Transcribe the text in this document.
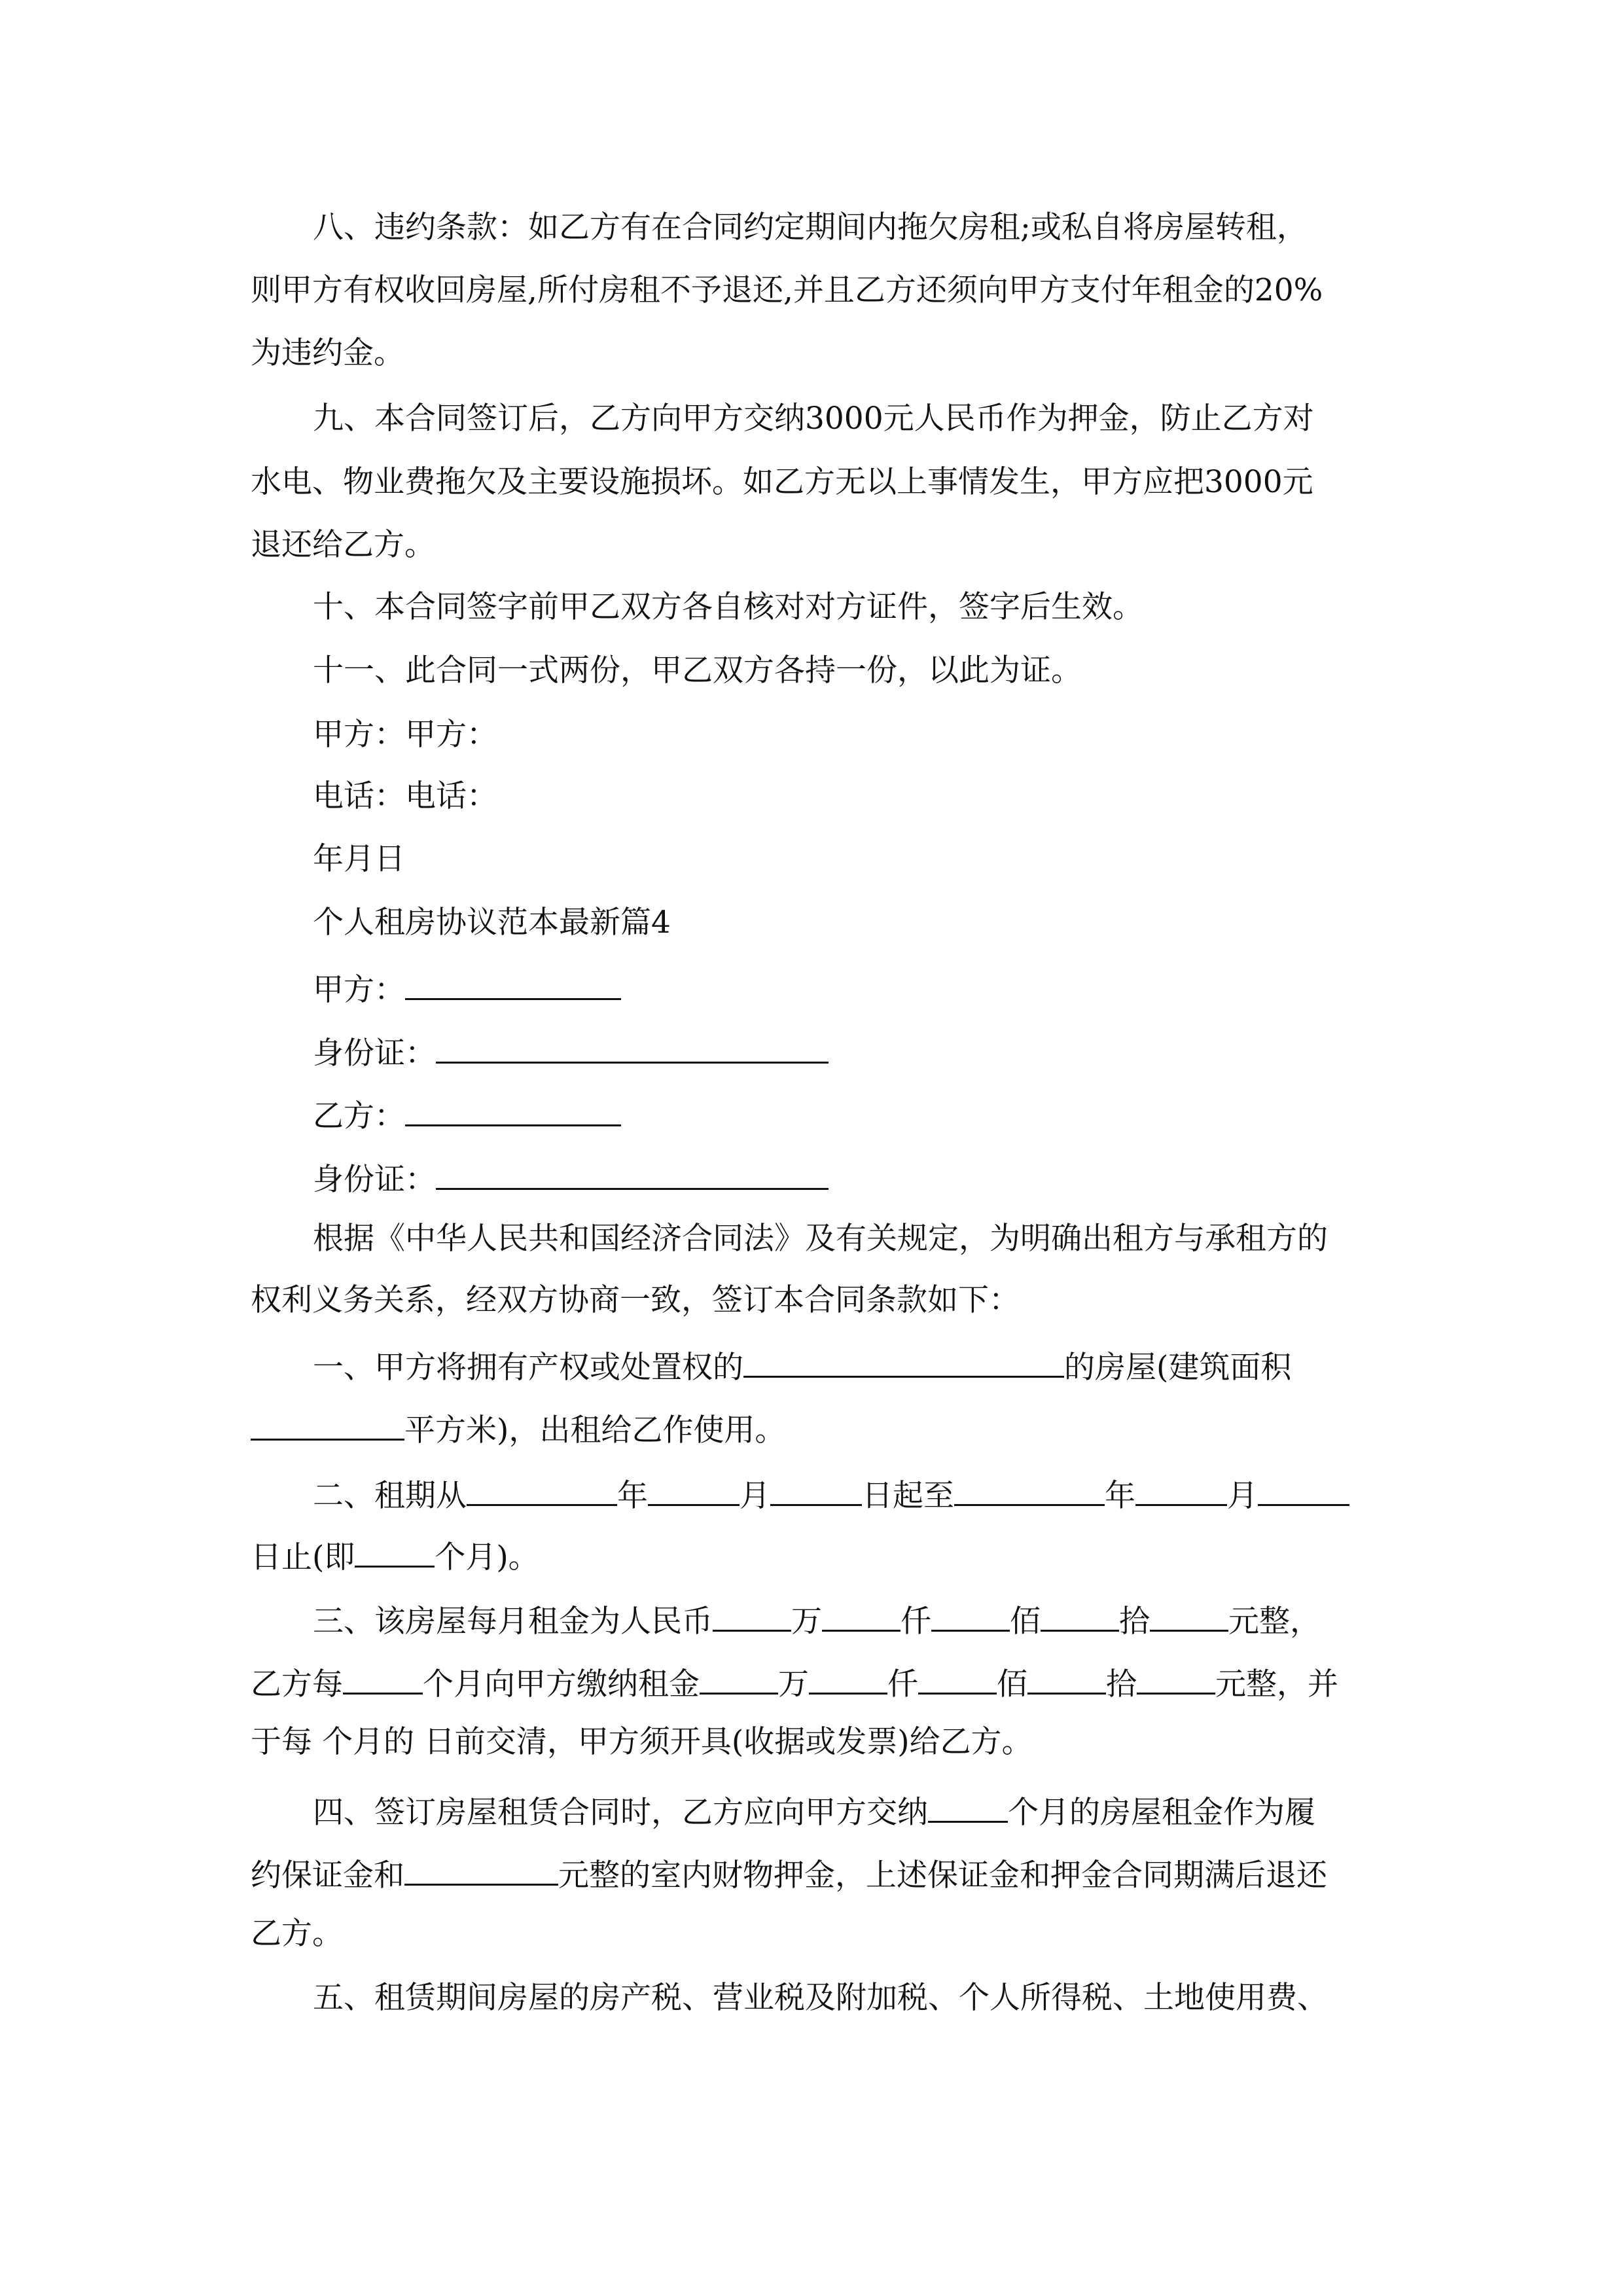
八、违约条款：如乙方有在合同约定期间内拖欠房租;或私自将房屋转租，

则甲方有权收回房屋,所付房租不予退还,并且乙方还须向甲方支付年租金的20%

为违约金。

九、本合同签订后，乙方向甲方交纳3000元人民币作为押金，防止乙方对

水电、物业费拖欠及主要设施损坏。如乙方无以上事情发生，甲方应把3000元

退还给乙方。

十、本合同签字前甲乙双方各自核对对方证件，签字后生效。

十一、此合同一式两份，甲乙双方各持一份，以此为证。

甲方：甲方：

电话：电话：

年月日

个人租房协议范本最新篇4

甲方：

身份证：

乙方：

身份证：

根据《中华人民共和国经济合同法》及有关规定，为明确出租方与承租方的

权利义务关系，经双方协商一致，签订本合同条款如下：

一、甲方将拥有产权或处置权的	的房屋(建筑面积

平方米)，出租给乙作使用。

二、租期从	年	月	日起至	年	月

日止(即	个月)。

三、该房屋每月租金为人民币	万	仟	佰	拾	元整，

乙方每	个月向甲方缴纳租金	万	仟	佰	拾	元整，并

于每 个月的 日前交清，甲方须开具(收据或发票)给乙方。

四、签订房屋租赁合同时，乙方应向甲方交纳	个月的房屋租金作为履

约保证金和	元整的室内财物押金，上述保证金和押金合同期满后退还

乙方。

五、租赁期间房屋的房产税、营业税及附加税、个人所得税、土地使用费、
